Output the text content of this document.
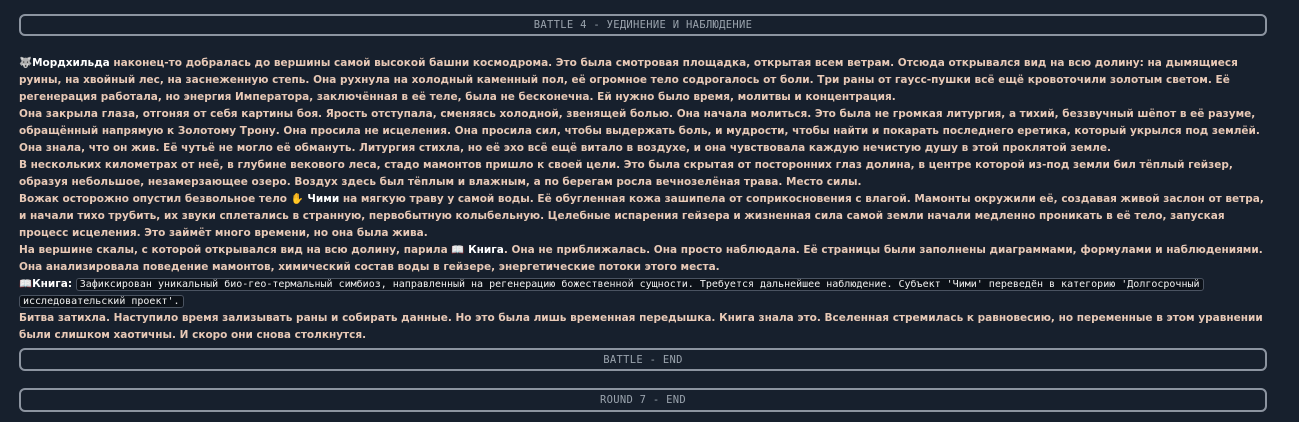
BATTLE 4 - УЕДИНЕНИЕ И НАБЛЮДЕНИЕ

🐺Мордхильда наконец-то добралась до вершины самой высокой башни космодрома. Это была смотровая площадка, открытая всем ветрам. Отсюда открывался вид на всю долину: на дымящиеся руины, на хвойный лес, на заснеженную степь. Она рухнула на холодный каменный пол, её огромное тело содрогалось от боли. Три раны от гаусс-пушки всё ещё кровоточили золотым светом. Её регенерация работала, но энергия Императора, заключённая в её теле, была не бесконечна. Ей нужно было время, молитвы и концентрация.

Она закрыла глаза, отгоняя от себя картины боя. Ярость отступала, сменяясь холодной, звенящей болью. Она начала молиться. Это была не громкая литургия, а тихий, беззвучный шёпот в её разуме, обращённый напрямую к Золотому Трону. Она просила не исцеления. Она просила сил, чтобы выдержать боль, и мудрости, чтобы найти и покарать последнего еретика, который укрылся под землёй. Она знала, что он жив. Её чутьё не могло её обмануть. Литургия стихла, но её эхо всё ещё витало в воздухе, и она чувствовала каждую нечистую душу в этой проклятой земле.

В нескольких километрах от неё, в глубине векового леса, стадо мамонтов пришло к своей цели. Это была скрытая от посторонних глаз долина, в центре которой из-под земли бил тёплый гейзер, образуя небольшое, незамерзающее озеро. Воздух здесь был тёплым и влажным, а по берегам росла вечнозелёная трава. Место силы.

Вожак осторожно опустил безвольное тело ✋ Чими на мягкую траву у самой воды. Её обугленная кожа зашипела от соприкосновения с влагой. Мамонты окружили её, создавая живой заслон от ветра, и начали тихо трубить, их звуки сплетались в странную, первобытную колыбельную. Целебные испарения гейзера и жизненная сила самой земли начали медленно проникать в её тело, запуская процесс исцеления. Это займёт много времени, но она была жива.

На вершине скалы, с которой открывался вид на всю долину, парила 📖 Книга. Она не приближалась. Она просто наблюдала. Её страницы были заполнены диаграммами, формулами и наблюдениями. Она анализировала поведение мамонтов, химический состав воды в гейзере, энергетические потоки этого места.

📖Книга: Зафиксирован уникальный био-гео-термальный симбиоз, направленный на регенерацию божественной сущности. Требуется дальнейшее наблюдение. Субъект 'Чими' переведён в категорию 'Долгосрочный исследовательский проект'.

Битва затихла. Наступило время зализывать раны и собирать данные. Но это была лишь временная передышка. Книга знала это. Вселенная стремилась к равновесию, но переменные в этом уравнении были слишком хаотичны. И скоро они снова столкнутся.

BATTLE - END
ROUND 7 - END
